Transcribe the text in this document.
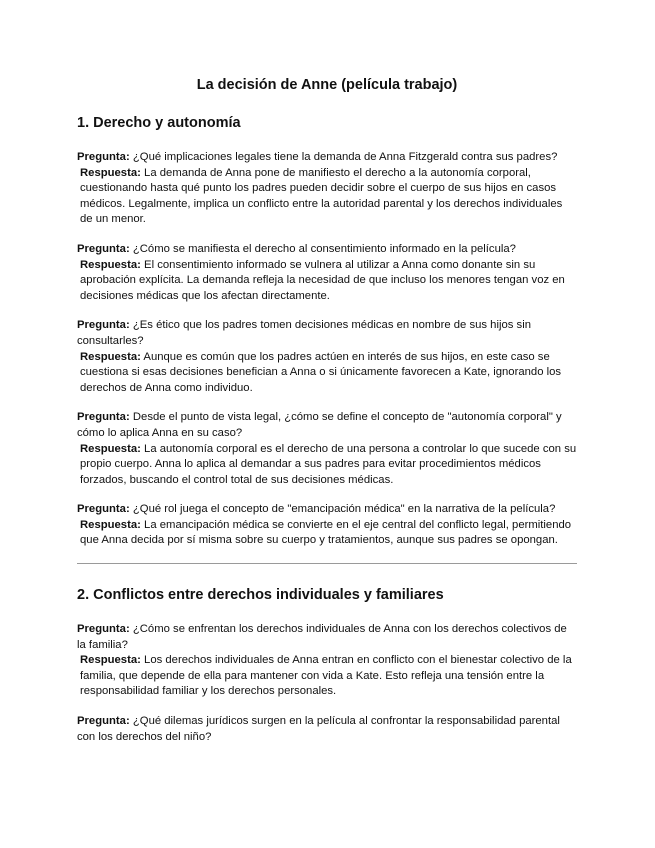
La decisión de Anne (película trabajo)
1. Derecho y autonomía

Pregunta: ¿Qué implicaciones legales tiene la demanda de Anna Fitzgerald contra sus padres?

Respuesta: La demanda de Anna pone de manifiesto el derecho a la autonomía corporal, cuestionando hasta qué punto los padres pueden decidir sobre el cuerpo de sus hijos en casos médicos. Legalmente, implica un conflicto entre la autoridad parental y los derechos individuales de un menor.

Pregunta: ¿Cómo se manifiesta el derecho al consentimiento informado en la película?

Respuesta: El consentimiento informado se vulnera al utilizar a Anna como donante sin su aprobación explícita. La demanda refleja la necesidad de que incluso los menores tengan voz en decisiones médicas que los afectan directamente.

Pregunta: ¿Es ético que los padres tomen decisiones médicas en nombre de sus hijos sin consultarles?

Respuesta: Aunque es común que los padres actúen en interés de sus hijos, en este caso se cuestiona si esas decisiones benefician a Anna o si únicamente favorecen a Kate, ignorando los derechos de Anna como individuo.

Pregunta: Desde el punto de vista legal, ¿cómo se define el concepto de "autonomía corporal" y cómo lo aplica Anna en su caso?

Respuesta: La autonomía corporal es el derecho de una persona a controlar lo que sucede con su propio cuerpo. Anna lo aplica al demandar a sus padres para evitar procedimientos médicos forzados, buscando el control total de sus decisiones médicas.

Pregunta: ¿Qué rol juega el concepto de "emancipación médica" en la narrativa de la película?

Respuesta: La emancipación médica se convierte en el eje central del conflicto legal, permitiendo que Anna decida por sí misma sobre su cuerpo y tratamientos, aunque sus padres se opongan.

2. Conflictos entre derechos individuales y familiares

Pregunta: ¿Cómo se enfrentan los derechos individuales de Anna con los derechos colectivos de la familia?

Respuesta: Los derechos individuales de Anna entran en conflicto con el bienestar colectivo de la familia, que depende de ella para mantener con vida a Kate. Esto refleja una tensión entre la responsabilidad familiar y los derechos personales.

Pregunta: ¿Qué dilemas jurídicos surgen en la película al confrontar la responsabilidad parental con los derechos del niño?
